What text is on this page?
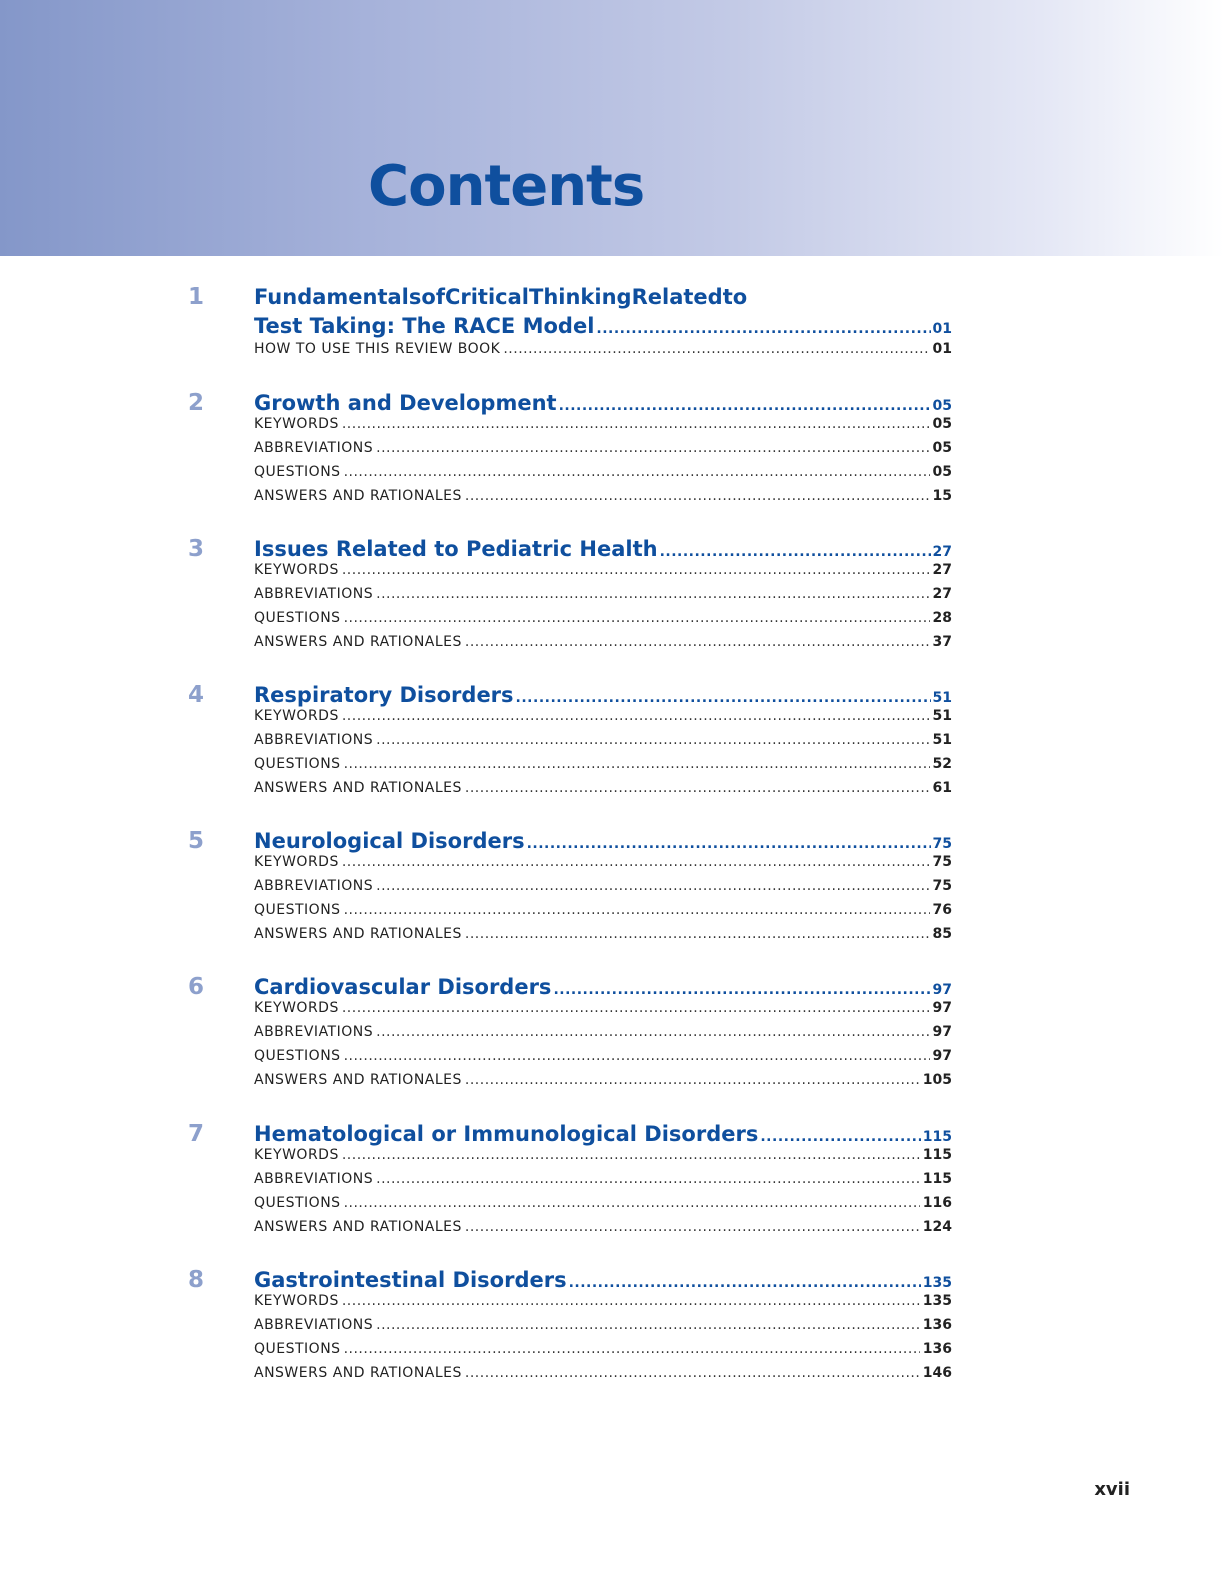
Contents
1	Fundamentals of Critical Thinking Related to
Test Taking: The RACE Model .....	01
HOW TO USE THIS REVIEW BOOK .....	01
2	Growth and Development .....	05
KEYWORDS .....	05
ABBREVIATIONS .....	05
QUESTIONS .....	05
ANSWERS AND RATIONALES .....	15
3	Issues Related to Pediatric Health .....	27
KEYWORDS .....	27
ABBREVIATIONS .....	27
QUESTIONS .....	28
ANSWERS AND RATIONALES .....	37
4	Respiratory Disorders .....	51
KEYWORDS .....	51
ABBREVIATIONS .....	51
QUESTIONS .....	52
ANSWERS AND RATIONALES .....	61
5	Neurological Disorders .....	75
KEYWORDS .....	75
ABBREVIATIONS .....	75
QUESTIONS .....	76
ANSWERS AND RATIONALES .....	85
6	Cardiovascular Disorders .....	97
KEYWORDS .....	97
ABBREVIATIONS .....	97
QUESTIONS .....	97
ANSWERS AND RATIONALES .....	105
7	Hematological or Immunological Disorders .....	115
KEYWORDS .....	115
ABBREVIATIONS .....	115
QUESTIONS .....	116
ANSWERS AND RATIONALES .....	124
8	Gastrointestinal Disorders .....	135
KEYWORDS .....	135
ABBREVIATIONS .....	136
QUESTIONS .....	136
ANSWERS AND RATIONALES .....	146
xvii
